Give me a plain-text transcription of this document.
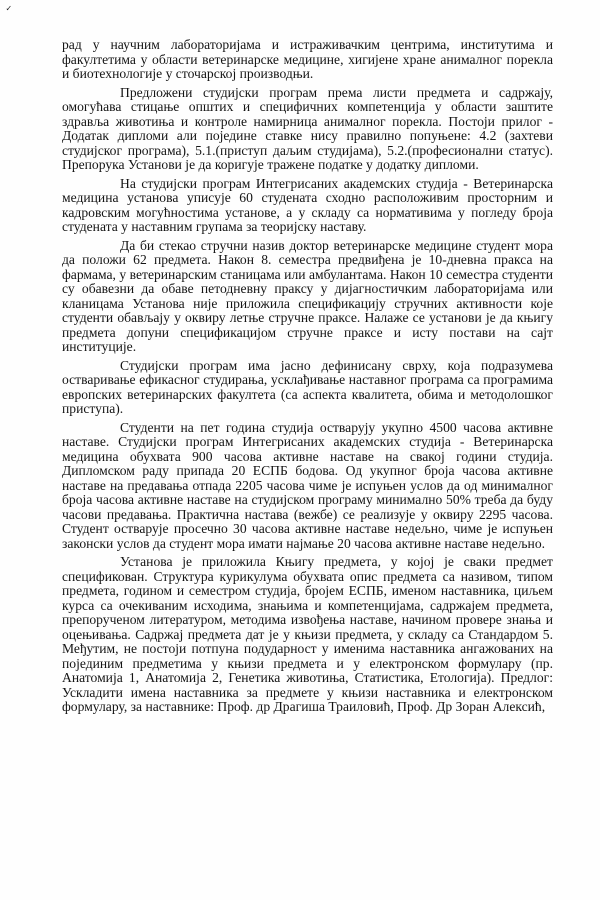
✓

рад у научним лабораторијама и истраживачким центрима, институтима и факултетима у области ветеринарске медицине, хигијене хране анималног порекла и биотехнологије у сточарској производњи.

Предложени студијски програм према листи предмета и садржају, омогућава стицање општих и специфичних компетенција у области заштите здравља животиња и контроле намирница анималног порекла. Постоји прилог - Додатак дипломи али поједине ставке нису правилно попуњене: 4.2 (захтеви студијског програма), 5.1.(приступ даљим студијама), 5.2.(професионални статус). Препорука Установи је да коригује тражене податке у додатку дипломи.

На студијски програм Интегрисаних академских студија - Ветеринарска медицина установа уписује 60 студената сходно расположивим просторним и кадровским могућностима установе, а у складу са нормативима у погледу броја студената у наставним групама за теоријску наставу.

Да би стекао стручни назив доктор ветеринарске медицине студент мора да положи 62 предмета. Након 8. семестра предвиђена је 10-дневна пракса на фармама, у ветеринарским станицама или амбулантама. Након 10 семестра студенти су обавезни да обаве петодневну праксу у дијагностичким лабораторијама или кланицама Установа није приложила спецификацију стручних активности које студенти обављају у оквиру летње стручне праксе. Налаже се установи је да књигу предмета допуни спецификацијом стручне праксе и исту постави на сајт институције.

Студијски програм има јасно дефинисану сврху, која подразумева остваривање ефикасног студирања, усклађивање наставног програма са програмима европских ветеринарских факултета (са аспекта квалитета, обима и методолошког приступа).

Студенти на пет година студија остварују укупно 4500 часова активне наставе. Студијски програм Интегрисаних академских студија - Ветеринарска медицина обухвата 900 часова активне наставе на свакој години студија. Дипломском раду припада 20 ЕСПБ бодова. Од укупног броја часова активне наставе на предавања отпада 2205 часова чиме је испуњен услов да од минималног броја часова активне наставе на студијском програму минимално 50% треба да буду часови предавања. Практична настава (вежбе) се реализује у оквиру 2295 часова. Студент остварује просечно 30 часова активне наставе недељно, чиме је испуњен законски услов да студент мора имати најмање 20 часова активне наставе недељно.

Установа је приложила Књигу предмета, у којој је сваки предмет спецификован. Структура курикулума обухвата опис предмета са називом, типом предмета, годином и семестром студија, бројем ЕСПБ, именом наставника, циљем курса са очекиваним исходима, знањима и компетенцијама, садржајем предмета, препорученом литературом, методима извођења наставе, начином провере знања и оцењивања. Садржај предмета дат је у књизи предмета, у складу са Стандардом 5. Међутим, не постоји потпуна подударност у именима наставника ангажованих на појединим предметима у књизи предмета и у електронском формулару (пр. Анатомија 1, Анатомија 2, Генетика животиња, Статистика, Етологија). Предлог: Ускладити имена наставника за предмете у књизи наставника и електронском формулару, за наставнике: Проф. др Драгиша Траиловић, Проф. Др Зоран Алексић,
